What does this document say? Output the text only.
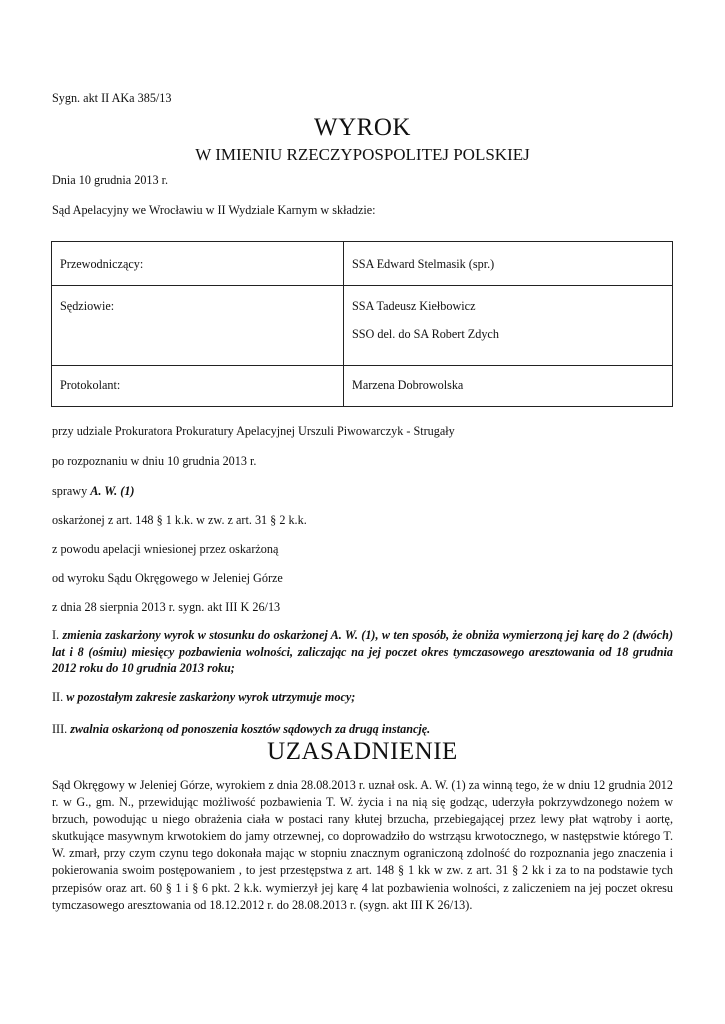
Sygn. akt II AKa 385/13
WYROK
W IMIENIU RZECZYPOSPOLITEJ POLSKIEJ
Dnia 10 grudnia 2013 r.
Sąd Apelacyjny we Wrocławiu w II Wydziale Karnym w składzie:
Przewodniczący:	SSA Edward Stelmasik (spr.)
Sędziowie:	SSA Tadeusz Kiełbowicz
SSO del. do SA Robert Zdych

Protokolant:	Marzena Dobrowolska
przy udziale Prokuratora Prokuratury Apelacyjnej Urszuli Piwowarczyk - Strugały
po rozpoznaniu w dniu 10 grudnia 2013 r.
sprawy A. W. (1)
oskarżonej z art. 148 § 1 k.k. w zw. z art. 31 § 2 k.k.
z powodu apelacji wniesionej przez oskarżoną
od wyroku Sądu Okręgowego w Jeleniej Górze
z dnia 28 sierpnia 2013 r. sygn. akt III K 26/13
I. zmienia zaskarżony wyrok w stosunku do oskarżonej A. W. (1), w ten sposób, że obniża wymierzoną jej karę do 2 (dwóch) lat i 8 (ośmiu) miesięcy pozbawienia wolności, zaliczając na jej poczet okres tymczasowego aresztowania od 18 grudnia 2012 roku do 10 grudnia 2013 roku;
II. w pozostałym zakresie zaskarżony wyrok utrzymuje mocy;
III. zwalnia oskarżoną od ponoszenia kosztów sądowych za drugą instancję.
UZASADNIENIE
Sąd Okręgowy w Jeleniej Górze, wyrokiem z dnia 28.08.2013 r. uznał osk. A. W. (1) za winną tego, że w dniu 12 grudnia 2012 r. w G., gm. N., przewidując możliwość pozbawienia T. W. życia i na nią się godząc, uderzyła pokrzywdzonego nożem w brzuch, powodując u niego obrażenia ciała w postaci rany kłutej brzucha, przebiegającej przez lewy płat wątroby i aortę, skutkujące masywnym krwotokiem do jamy otrzewnej, co doprowadziło do wstrząsu krwotocznego, w następstwie którego T. W. zmarł, przy czym czynu tego dokonała mając w stopniu znacznym ograniczoną zdolność do rozpoznania jego znaczenia i pokierowania swoim postępowaniem , to jest przestępstwa z art. 148 § 1 kk w zw. z art. 31 § 2 kk i za to na podstawie tych przepisów oraz art. 60 § 1 i § 6 pkt. 2 k.k. wymierzył jej karę 4 lat pozbawienia wolności, z zaliczeniem na jej poczet okresu tymczasowego aresztowania od 18.12.2012 r. do 28.08.2013 r. (sygn. akt III K 26/13).
